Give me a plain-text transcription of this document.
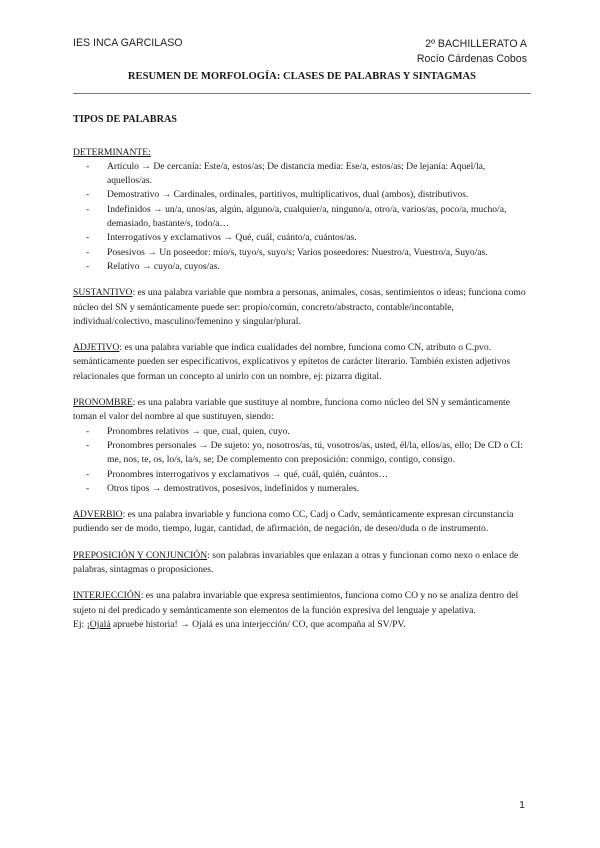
IES INCA GARCILASO	2º BACHILLERATO A
Rocío Cárdenas Cobos
RESUMEN DE MORFOLOGÍA: CLASES DE PALABRAS Y SINTAGMAS
TIPOS DE PALABRAS
DETERMINANTE:
- Artículo → De cercanía: Este/a, estos/as; De distancia media: Ese/a, estos/as; De lejanía: Aquel/la, aquellos/as.
- Demostrativo → Cardinales, ordinales, partitivos, multiplicativos, dual (ambos), distributivos.
- Indefinidos → un/a, unos/as, algún, alguno/a, cualquier/a, ninguno/a, otro/a, varios/as, poco/a, mucho/a, demasiado, bastante/s, todo/a…
- Interrogativos y exclamativos → Qué, cuál, cuánto/a, cuántos/as.
- Posesivos → Un poseedor: mío/s, tuyo/s, suyo/s; Varios poseedores: Nuestro/a, Vuestro/a, Suyo/as.
- Relativo → cuyo/a, cuyos/as.
SUSTANTIVO: es una palabra variable que nombra a personas, animales, cosas, sentimientos o ideas; funciona como núcleo del SN y semánticamente puede ser: propio/común, concreto/abstracto, contable/incontable, individual/colectivo, masculino/femenino y singular/plural.
ADJETIVO: es una palabra variable que indica cualidades del nombre, funciona como CN, atributo o C.pvo. semánticamente pueden ser especificativos, explicativos y epítetos de carácter literario. También existen adjetivos relacionales que forman un concepto al unirlo con un nombre, ej: pizarra digital.
PRONOMBRE: es una palabra variable que sustituye al nombre, funciona como núcleo del SN y semánticamente toman el valor del nombre al que sustituyen, siendo:
- Pronombres relativos → que, cual, quien, cuyo.
- Pronombres personales → De sujeto: yo, nosotros/as, tú, vosotros/as, usted, él/la, ellos/as, ello; De CD o CI: me, nos, te, os, lo/s, la/s, se; De complemento con preposición: conmigo, contigo, consigo.
- Pronombres interrogativos y exclamativos → qué, cuál, quién, cuántos…
- Otros tipos → demostrativos, posesivos, indefinidos y numerales.
ADVERBIO: es una palabra invariable y funciona como CC, Cadj o Cadv, semánticamente expresan circunstancia pudiendo ser de modo, tiempo, lugar, cantidad, de afirmación, de negación, de deseo/duda o de instrumento.
PREPOSICIÓN Y CONJUNCIÓN: son palabras invariables que enlazan a otras y funcionan como nexo o enlace de palabras, sintagmas o proposiciones.
INTERJECCIÓN: es una palabra invariable que expresa sentimientos, funciona como CO y no se analiza dentro del sujeto ni del predicado y semánticamente son elementos de la función expresiva del lenguaje y apelativa.
Ej: ¡Ojalá apruebe historia! → Ojalá es una interjección/ CO, que acompaña al SV/PV.
1
